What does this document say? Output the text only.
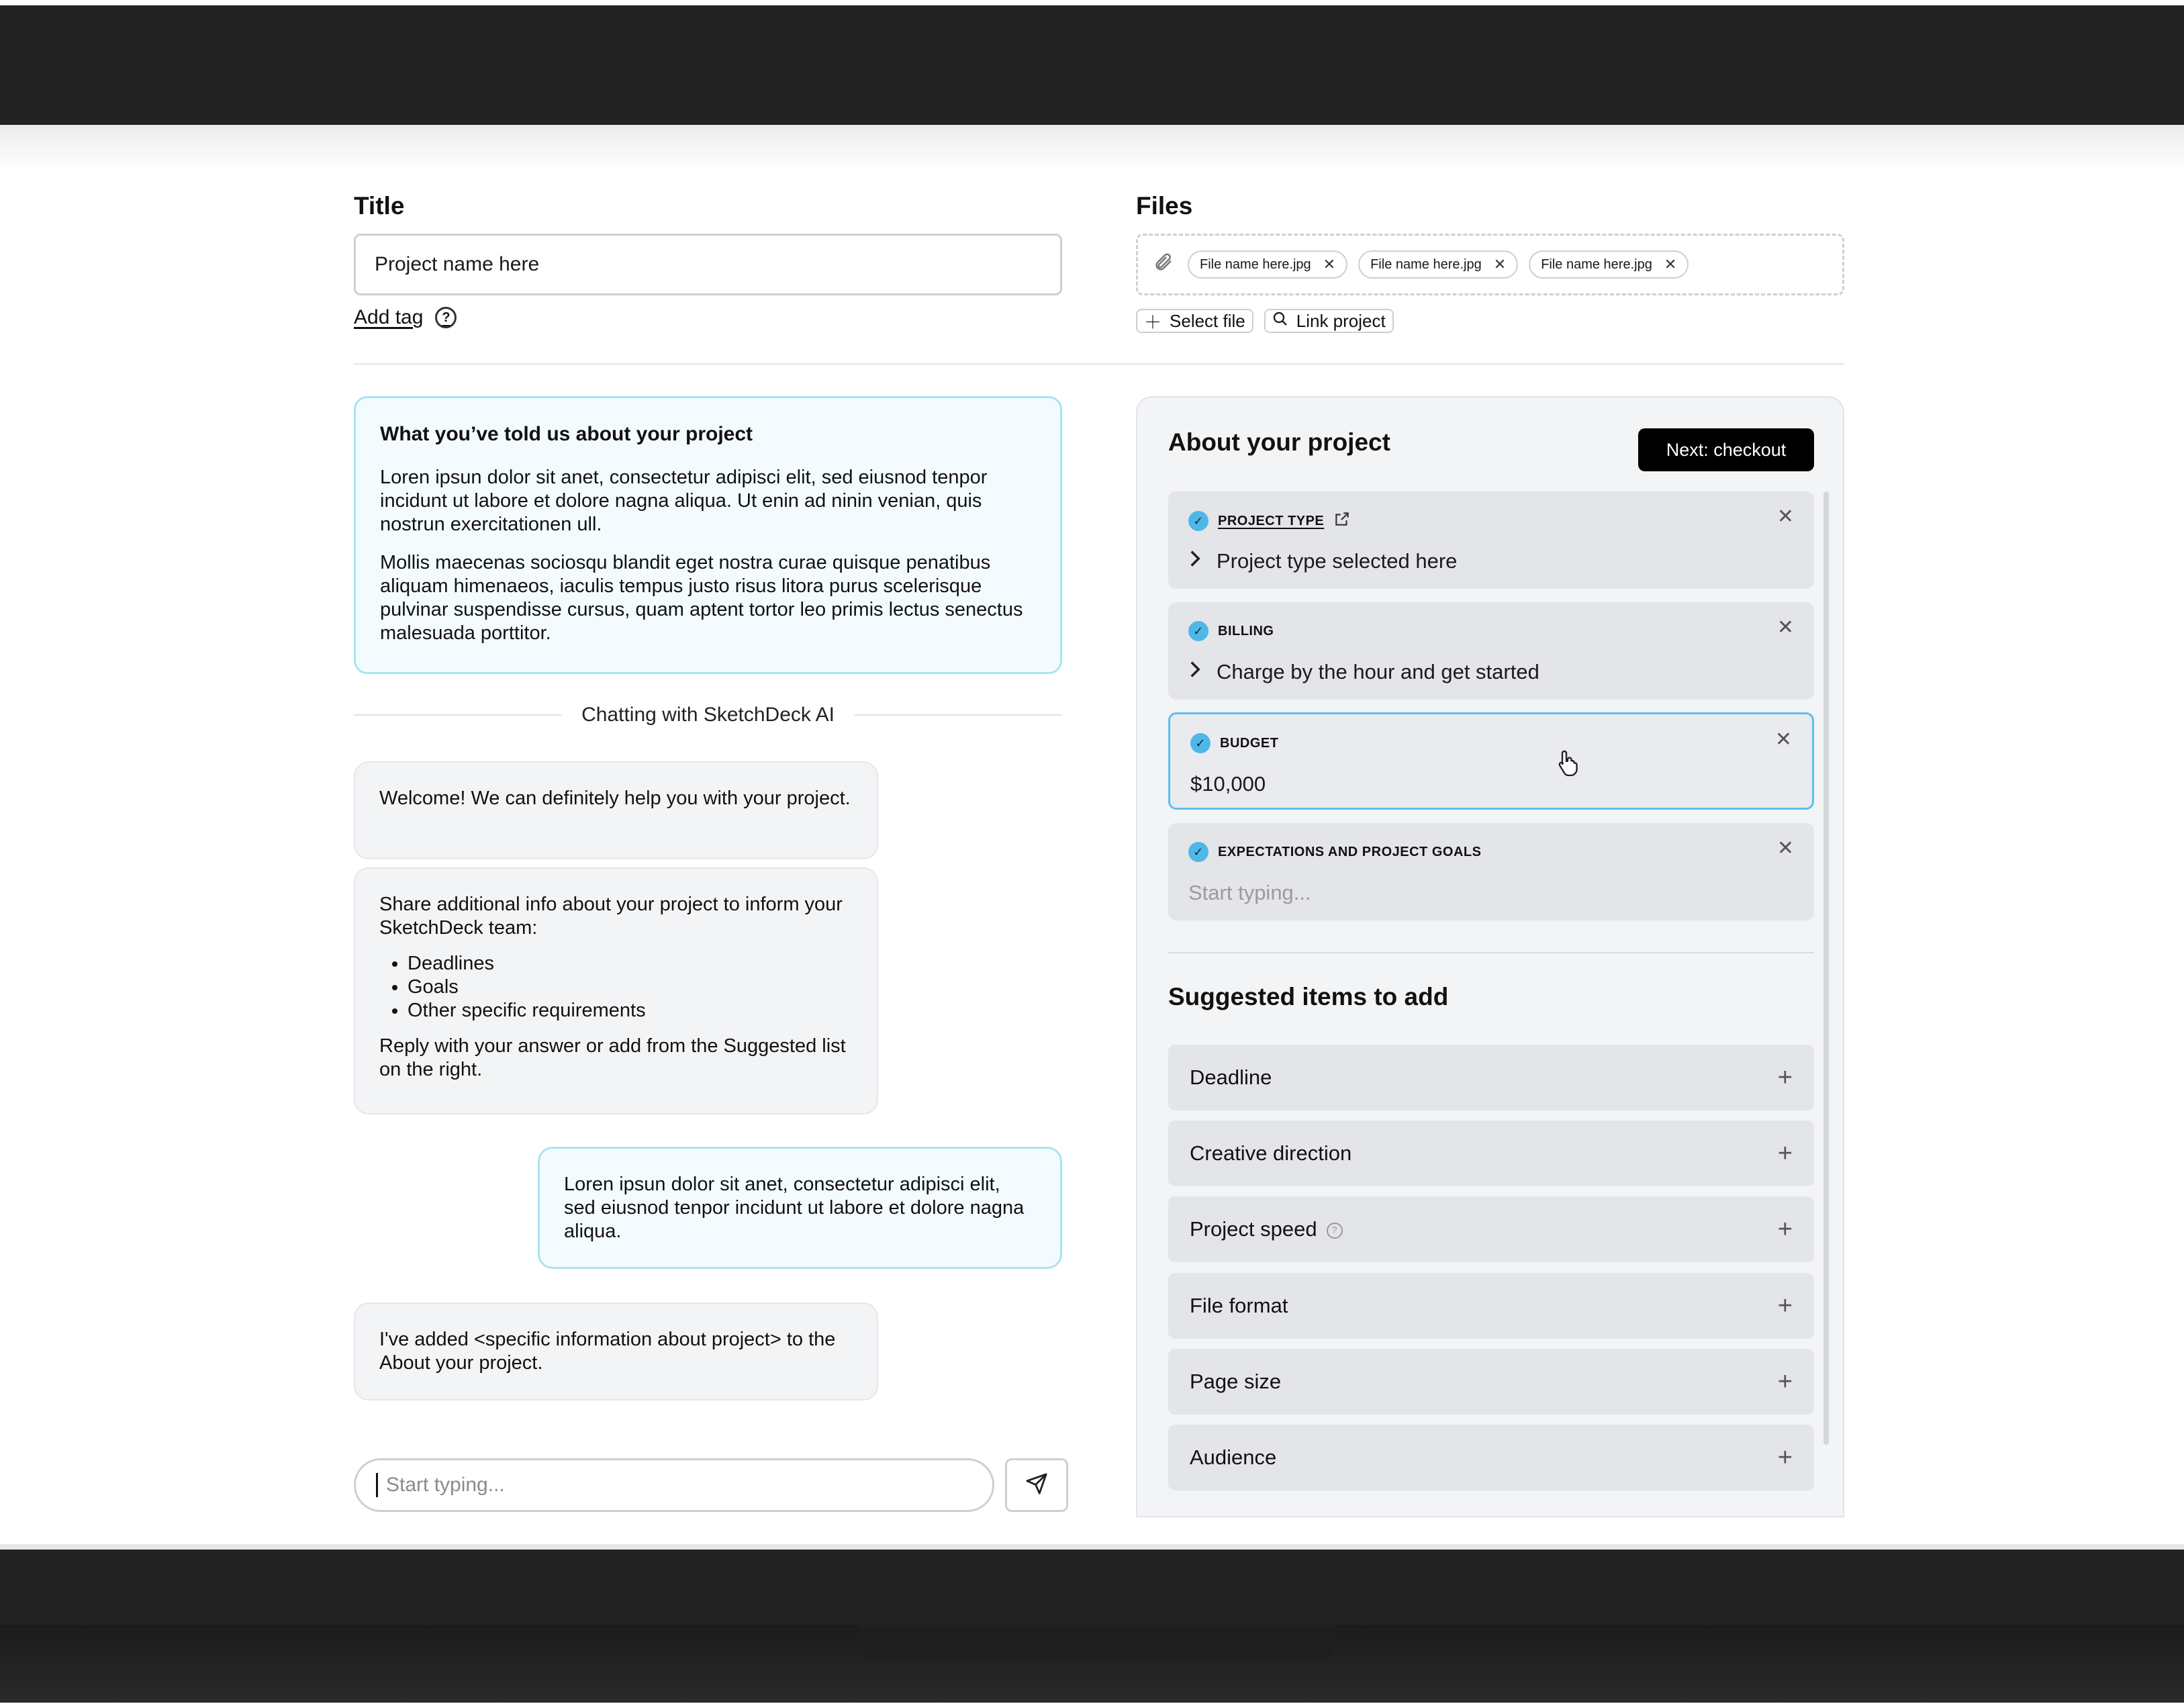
Title
Project name here
Add tag	?
Files
File name here.jpg ✕	File name here.jpg ✕	File name here.jpg ✕
＋ Select file	Link project
What you’ve told us about your project

Loren ipsun dolor sit anet, consectetur adipisci elit, sed eiusnod tenpor incidunt ut labore et dolore nagna aliqua. Ut enin ad ninin venian, quis nostrun exercitationen ull.

Mollis maecenas sociosqu blandit eget nostra curae quisque penatibus aliquam himenaeos, iaculis tempus justo risus litora purus scelerisque pulvinar suspendisse cursus, quam aptent tortor leo primis lectus senectus malesuada porttitor.

Chatting with SketchDeck AI

Welcome! We can definitely help you with your project.

Share additional info about your project to inform your SketchDeck team:

• Deadlines
• Goals
• Other specific requirements

Reply with your answer or add from the Suggested list on the right.

Loren ipsun dolor sit anet, consectetur adipisci elit, sed eiusnod tenpor incidunt ut labore et dolore nagna aliqua.

I've added <specific information about project> to the About your project.

Start typing...
About your project	Next: checkout
✓	PROJECT TYPE	✕
Project type selected here
✓	BILLING	✕
Charge by the hour and get started
✓	BUDGET	✕
$10,000
✓	EXPECTATIONS AND PROJECT GOALS	✕
Start typing...
Suggested items to add
Deadline	+
Creative direction	+
Project speed ?	+
File format	+
Page size	+
Audience	+
